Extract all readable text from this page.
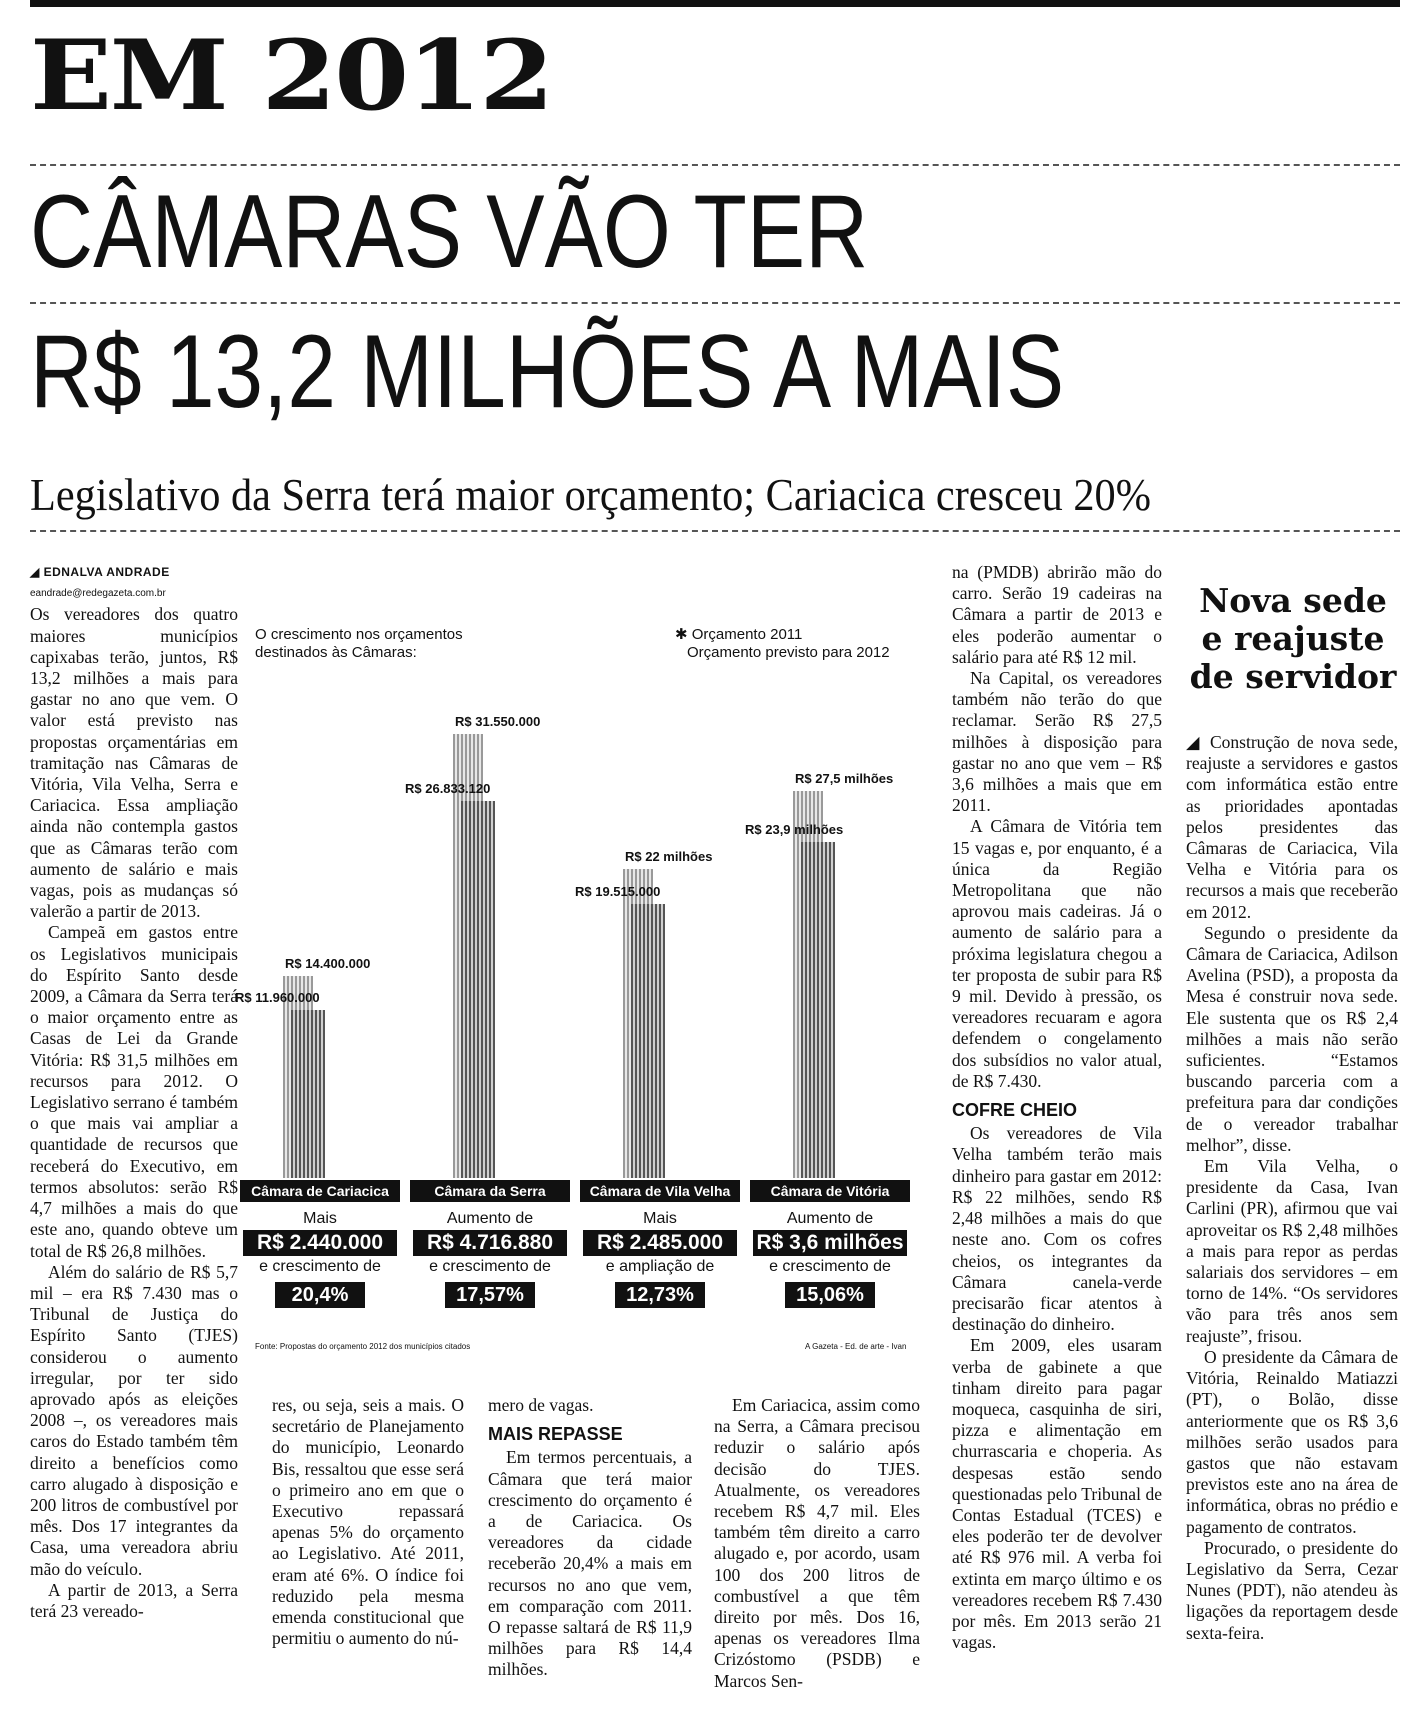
EM 2012
CÂMARAS VÃO TER
R$ 13,2 MILHÕES A MAIS
Legislativo da Serra terá maior orçamento; Cariacica cresceu 20%
◢ EDNALVA ANDRADE
eandrade@redegazeta.com.br

Os vereadores dos quatro maiores municípios capixabas terão, juntos, R$ 13,2 milhões a mais para gastar no ano que vem. O valor está previsto nas propostas orçamentárias em tramitação nas Câmaras de Vitória, Vila Velha, Serra e Cariacica. Essa ampliação ainda não contempla gastos que as Câmaras terão com aumento de salário e mais vagas, pois as mudanças só valerão a partir de 2013.

Campeã em gastos entre os Legislativos municipais do Espírito Santo desde 2009, a Câmara da Serra terá o maior orçamento entre as Casas de Lei da Grande Vitória: R$ 31,5 milhões em recursos para 2012. O Legislativo serrano é também o que mais vai ampliar a quantidade de recursos que receberá do Executivo, em termos absolutos: serão R$ 4,7 milhões a mais do que este ano, quando obteve um total de R$ 26,8 milhões.

Além do salário de R$ 5,7 mil – era R$ 7.430 mas o Tribunal de Justiça do Espírito Santo (TJES) considerou o aumento irregular, por ter sido aprovado após as eleições 2008 –, os vereadores mais caros do Estado também têm direito a benefícios como carro alugado à disposição e 200 litros de combustível por mês. Dos 17 integrantes da Casa, uma vereadora abriu mão do veículo.

A partir de 2013, a Serra terá 23 vereado-

O crescimento nos orçamentos destinados às Câmaras:
✱ Orçamento 2011
Orçamento previsto para 2012
R$ 11.960.000
R$ 14.400.000
Câmara de Cariacica
Mais
R$ 2.440.000
e crescimento de
20,4%
R$ 26.833.120
R$ 31.550.000
Câmara da Serra
Aumento de
R$ 4.716.880
e crescimento de
17,57%
R$ 19.515.000
R$ 22 milhões
Câmara de Vila Velha
Mais
R$ 2.485.000
e ampliação de
12,73%
R$ 23,9 milhões
R$ 27,5 milhões
Câmara de Vitória
Aumento de
R$ 3,6 milhões
e crescimento de
15,06%
Fonte: Propostas do orçamento 2012 dos municípios citados	A Gazeta - Ed. de arte - Ivan

res, ou seja, seis a mais. O secretário de Planejamento do município, Leonardo Bis, ressaltou que esse será o primeiro ano em que o Executivo repassará apenas 5% do orçamento ao Legislativo. Até 2011, eram até 6%. O índice foi reduzido pela mesma emenda constitucional que permitiu o aumento do nú-

mero de vagas.

MAIS REPASSE

Em termos percentuais, a Câmara que terá maior crescimento do orçamento é a de Cariacica. Os vereadores da cidade receberão 20,4% a mais em recursos no ano que vem, em comparação com 2011. O repasse saltará de R$ 11,9 milhões para R$ 14,4 milhões.

Em Cariacica, assim como na Serra, a Câmara precisou reduzir o salário após decisão do TJES. Atualmente, os vereadores recebem R$ 4,7 mil. Eles também têm direito a carro alugado e, por acordo, usam 100 dos 200 litros de combustível a que têm direito por mês. Dos 16, apenas os vereadores Ilma Crizóstomo (PSDB) e Marcos Sen-

na (PMDB) abrirão mão do carro. Serão 19 cadeiras na Câmara a partir de 2013 e eles poderão aumentar o salário para até R$ 12 mil.

Na Capital, os vereadores também não terão do que reclamar. Serão R$ 27,5 milhões à disposição para gastar no ano que vem – R$ 3,6 milhões a mais que em 2011.

A Câmara de Vitória tem 15 vagas e, por enquanto, é a única da Região Metropolitana que não aprovou mais cadeiras. Já o aumento de salário para a próxima legislatura chegou a ter proposta de subir para R$ 9 mil. Devido à pressão, os vereadores recuaram e agora defendem o congelamento dos subsídios no valor atual, de R$ 7.430.

COFRE CHEIO

Os vereadores de Vila Velha também terão mais dinheiro para gastar em 2012: R$ 22 milhões, sendo R$ 2,48 milhões a mais do que neste ano. Com os cofres cheios, os integrantes da Câmara canela-verde precisarão ficar atentos à destinação do dinheiro.

Em 2009, eles usaram verba de gabinete a que tinham direito para pagar moqueca, casquinha de siri, pizza e alimentação em churrascaria e choperia. As despesas estão sendo questionadas pelo Tribunal de Contas Estadual (TCES) e eles poderão ter de devolver até R$ 976 mil. A verba foi extinta em março último e os vereadores recebem R$ 7.430 por mês. Em 2013 serão 21 vagas.

Nova sede e reajuste de servidor

◢ Construção de nova sede, reajuste a servidores e gastos com informática estão entre as prioridades apontadas pelos presidentes das Câmaras de Cariacica, Vila Velha e Vitória para os recursos a mais que receberão em 2012.

Segundo o presidente da Câmara de Cariacica, Adilson Avelina (PSD), a proposta da Mesa é construir nova sede. Ele sustenta que os R$ 2,4 milhões a mais não serão suficientes. “Estamos buscando parceria com a prefeitura para dar condições de o vereador trabalhar melhor”, disse.

Em Vila Velha, o presidente da Casa, Ivan Carlini (PR), afirmou que vai aproveitar os R$ 2,48 milhões a mais para repor as perdas salariais dos servidores – em torno de 14%. “Os servidores vão para três anos sem reajuste”, frisou.

O presidente da Câmara de Vitória, Reinaldo Matiazzi (PT), o Bolão, disse anteriormente que os R$ 3,6 milhões serão usados para gastos que não estavam previstos este ano na área de informática, obras no prédio e pagamento de contratos.

Procurado, o presidente do Legislativo da Serra, Cezar Nunes (PDT), não atendeu às ligações da reportagem desde sexta-feira.
